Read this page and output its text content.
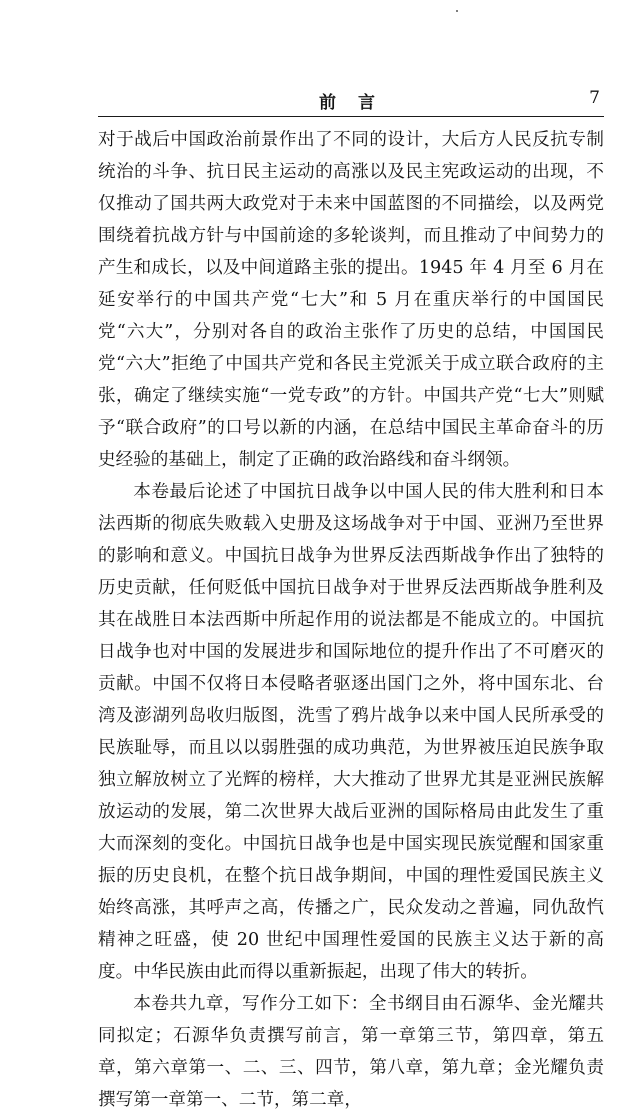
前 言	7

对于战后中国政治前景作出了不同的设计，大后方人民反抗专制统治的斗争、抗日民主运动的高涨以及民主宪政运动的出现，不仅推动了国共两大政党对于未来中国蓝图的不同描绘，以及两党围绕着抗战方针与中国前途的多轮谈判，而且推动了中间势力的产生和成长，以及中间道路主张的提出。1945 年 4 月至 6 月在延安举行的中国共产党“七大”和 5 月在重庆举行的中国国民党“六大”，分别对各自的政治主张作了历史的总结，中国国民党“六大”拒绝了中国共产党和各民主党派关于成立联合政府的主张，确定了继续实施“一党专政”的方针。中国共产党“七大”则赋予“联合政府”的口号以新的内涵，在总结中国民主革命奋斗的历史经验的基础上，制定了正确的政治路线和奋斗纲领。

本卷最后论述了中国抗日战争以中国人民的伟大胜利和日本法西斯的彻底失败载入史册及这场战争对于中国、亚洲乃至世界的影响和意义。中国抗日战争为世界反法西斯战争作出了独特的历史贡献，任何贬低中国抗日战争对于世界反法西斯战争胜利及其在战胜日本法西斯中所起作用的说法都是不能成立的。中国抗日战争也对中国的发展进步和国际地位的提升作出了不可磨灭的贡献。中国不仅将日本侵略者驱逐出国门之外，将中国东北、台湾及澎湖列岛收归版图，洗雪了鸦片战争以来中国人民所承受的民族耻辱，而且以以弱胜强的成功典范，为世界被压迫民族争取独立解放树立了光辉的榜样，大大推动了世界尤其是亚洲民族解放运动的发展，第二次世界大战后亚洲的国际格局由此发生了重大而深刻的变化。中国抗日战争也是中国实现民族觉醒和国家重振的历史良机，在整个抗日战争期间，中国的理性爱国民族主义始终高涨，其呼声之高，传播之广，民众发动之普遍，同仇敌忾精神之旺盛，使 20 世纪中国理性爱国的民族主义达于新的高度。中华民族由此而得以重新振起，出现了伟大的转折。

本卷共九章，写作分工如下：全书纲目由石源华、金光耀共同拟定；石源华负责撰写前言，第一章第三节，第四章，第五章，第六章第一、二、三、四节，第八章，第九章；金光耀负责撰写第一章第一、二节，第二章，
